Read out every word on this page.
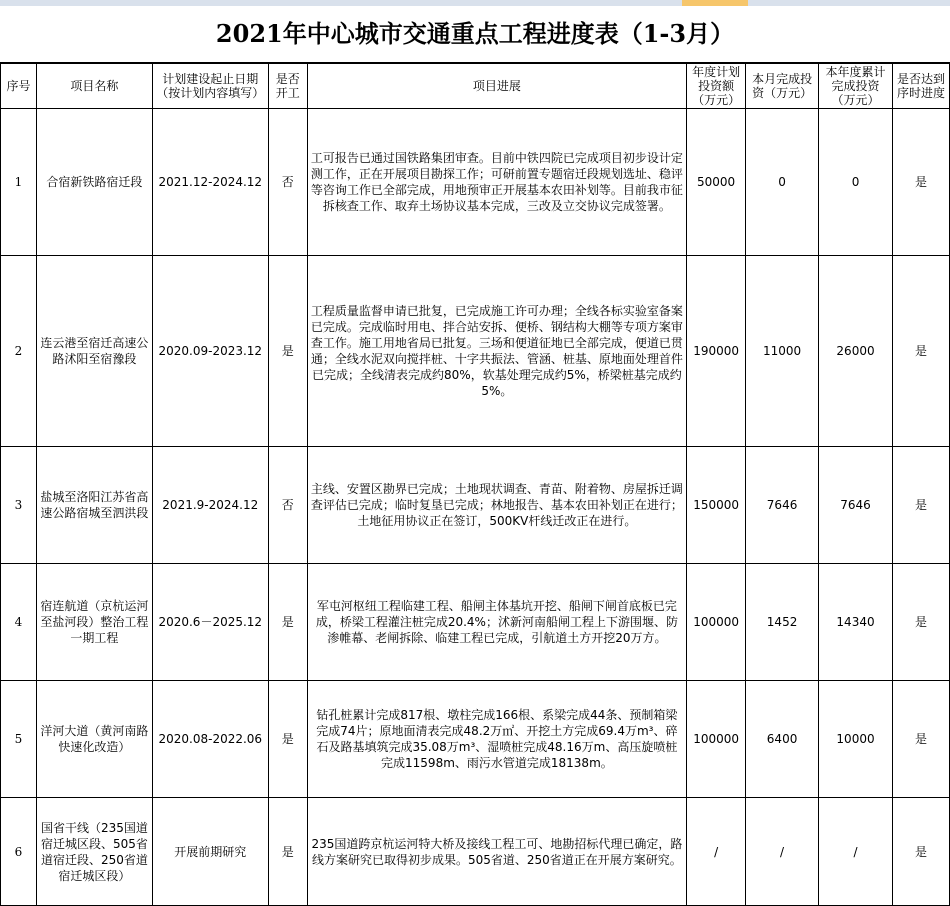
2021年中心城市交通重点工程进度表（1-3月）
序号	项目名称	计划建设起止日期（按计划内容填写）	是否开工	项目进展	年度计划投资额（万元）	本月完成投资（万元）	本年度累计完成投资（万元）	是否达到序时进度
1	合宿新铁路宿迁段	2021.12-2024.12	否	工可报告已通过国铁路集团审查。目前中铁四院已完成项目初步设计定测工作，正在开展项目勘探工作；可研前置专题宿迁段规划选址、稳评等咨询工作已全部完成，用地预审正开展基本农田补划等。目前我市征拆核查工作、取弃土场协议基本完成，三改及立交协议完成签署。	50000	0	0	是
2	连云港至宿迁高速公路沭阳至宿豫段	2020.09-2023.12	是	工程质量监督申请已批复，已完成施工许可办理；全线各标实验室备案已完成。完成临时用电、拌合站安拆、便桥、钢结构大棚等专项方案审查工作。施工用地省局已批复。三场和便道征地已全部完成，便道已贯通；全线水泥双向搅拌桩、十字共振法、管涵、桩基、原地面处理首件已完成；全线清表完成约80%，软基处理完成约5%，桥梁桩基完成约5%。	190000	11000	26000	是
3	盐城至洛阳江苏省高速公路宿城至泗洪段	2021.9-2024.12	否	主线、安置区勘界已完成；土地现状调查、青苗、附着物、房屋拆迁调查评估已完成；临时复垦已完成；林地报告、基本农田补划正在进行；土地征用协议正在签订，500KV杆线迁改正在进行。	150000	7646	7646	是
4	宿连航道（京杭运河至盐河段）整治工程一期工程	2020.6－2025.12	是	军屯河枢纽工程临建工程、船闸主体基坑开挖、船闸下闸首底板已完成，桥梁工程灌注桩完成20.4%；沭新河南船闸工程上下游围堰、防渗帷幕、老闸拆除、临建工程已完成，引航道土方开挖20万方。	100000	1452	14340	是
5	洋河大道（黄河南路快速化改造）	2020.08-2022.06	是	钻孔桩累计完成817根、墩柱完成166根、系梁完成44条、预制箱梁完成74片；原地面清表完成48.2万㎡、开挖土方完成69.4万m³、碎石及路基填筑完成35.08万m³、湿喷桩完成48.16万m、高压旋喷桩完成11598m、雨污水管道完成18138m。	100000	6400	10000	是
6	国省干线（235国道宿迁城区段、505省道宿迁段、250省道宿迁城区段）	开展前期研究	是	235国道跨京杭运河特大桥及接线工程工可、地勘招标代理已确定，路线方案研究已取得初步成果。505省道、250省道正在开展方案研究。	/	/	/	是
